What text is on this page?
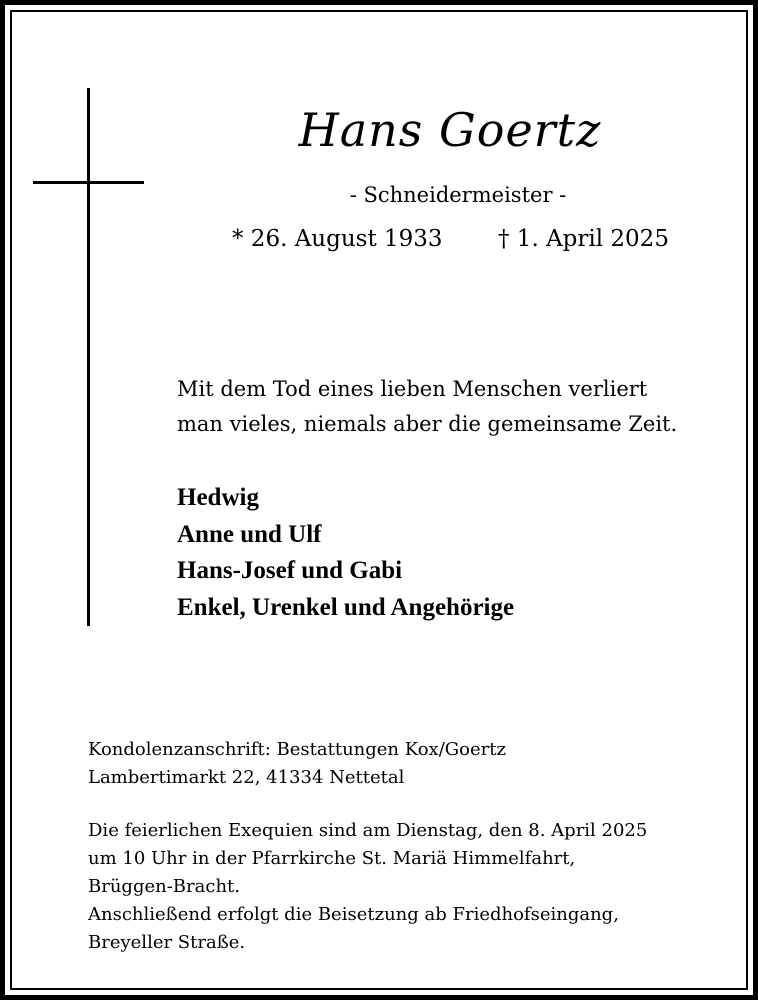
Hans Goertz
- Schneidermeister -
* 26. August 1933 † 1. April 2025
Mit dem Tod eines lieben Menschen verliert
man vieles, niemals aber die gemeinsame Zeit.
Hedwig
Anne und Ulf
Hans-Josef und Gabi
Enkel, Urenkel und Angehörige
Kondolenzanschrift: Bestattungen Kox/Goertz
Lambertimarkt 22, 41334 Nettetal
Die feierlichen Exequien sind am Dienstag, den 8. April 2025
um 10 Uhr in der Pfarrkirche St. Mariä Himmelfahrt,
Brüggen-Bracht.
Anschließend erfolgt die Beisetzung ab Friedhofseingang,
Breyeller Straße.
